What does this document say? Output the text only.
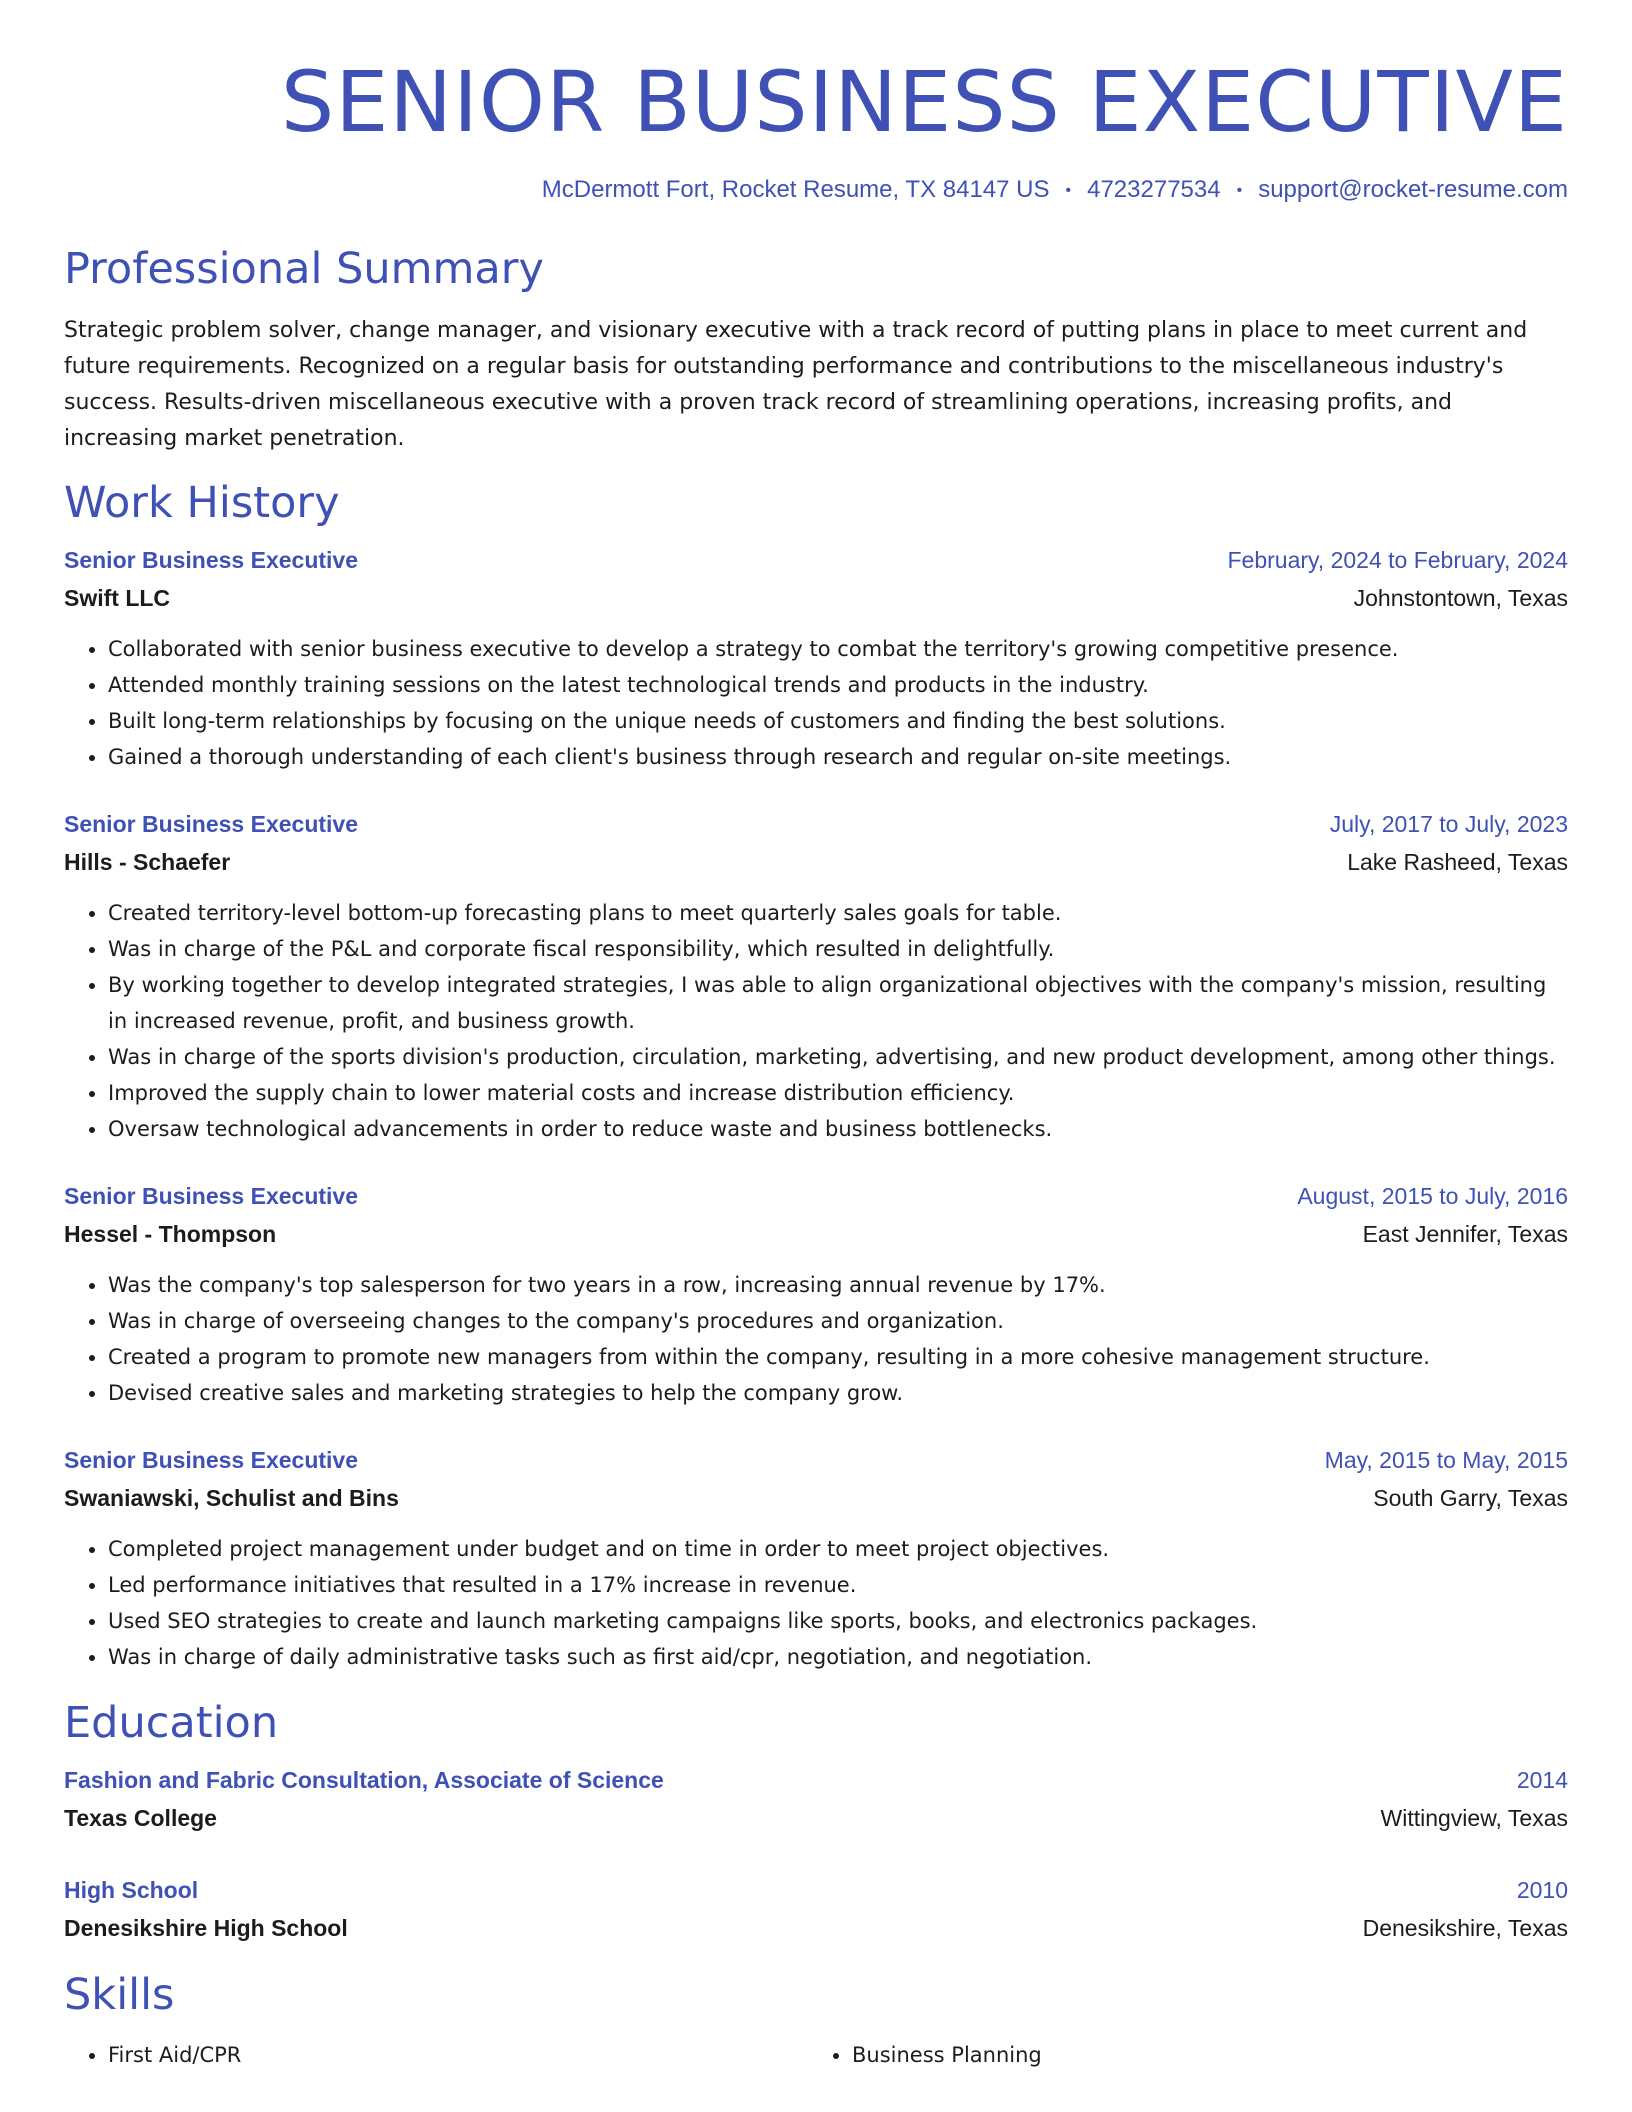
SENIOR BUSINESS EXECUTIVE
McDermott Fort, Rocket Resume, TX 84147 US • 4723277534 • support@rocket-resume.com
Professional Summary

Strategic problem solver, change manager, and visionary executive with a track record of putting plans in place to meet current and future requirements. Recognized on a regular basis for outstanding performance and contributions to the miscellaneous industry's success. Results-driven miscellaneous executive with a proven track record of streamlining operations, increasing profits, and increasing market penetration.

Work History
Senior Business Executive	February, 2024 to February, 2024
Swift LLC	Johnstontown, Texas
• Collaborated with senior business executive to develop a strategy to combat the territory's growing competitive presence.
• Attended monthly training sessions on the latest technological trends and products in the industry.
• Built long-term relationships by focusing on the unique needs of customers and finding the best solutions.
• Gained a thorough understanding of each client's business through research and regular on-site meetings.
Senior Business Executive	July, 2017 to July, 2023
Hills - Schaefer	Lake Rasheed, Texas
• Created territory-level bottom-up forecasting plans to meet quarterly sales goals for table.
• Was in charge of the P&L and corporate fiscal responsibility, which resulted in delightfully.
• By working together to develop integrated strategies, I was able to align organizational objectives with the company's mission, resulting in increased revenue, profit, and business growth.
• Was in charge of the sports division's production, circulation, marketing, advertising, and new product development, among other things.
• Improved the supply chain to lower material costs and increase distribution efficiency.
• Oversaw technological advancements in order to reduce waste and business bottlenecks.
Senior Business Executive	August, 2015 to July, 2016
Hessel - Thompson	East Jennifer, Texas
• Was the company's top salesperson for two years in a row, increasing annual revenue by 17%.
• Was in charge of overseeing changes to the company's procedures and organization.
• Created a program to promote new managers from within the company, resulting in a more cohesive management structure.
• Devised creative sales and marketing strategies to help the company grow.
Senior Business Executive	May, 2015 to May, 2015
Swaniawski, Schulist and Bins	South Garry, Texas
• Completed project management under budget and on time in order to meet project objectives.
• Led performance initiatives that resulted in a 17% increase in revenue.
• Used SEO strategies to create and launch marketing campaigns like sports, books, and electronics packages.
• Was in charge of daily administrative tasks such as first aid/cpr, negotiation, and negotiation.
Education
Fashion and Fabric Consultation, Associate of Science	2014
Texas College	Wittingview, Texas
High School	2010
Denesikshire High School	Denesikshire, Texas
Skills
• First Aid/CPR
•	Business Planning
